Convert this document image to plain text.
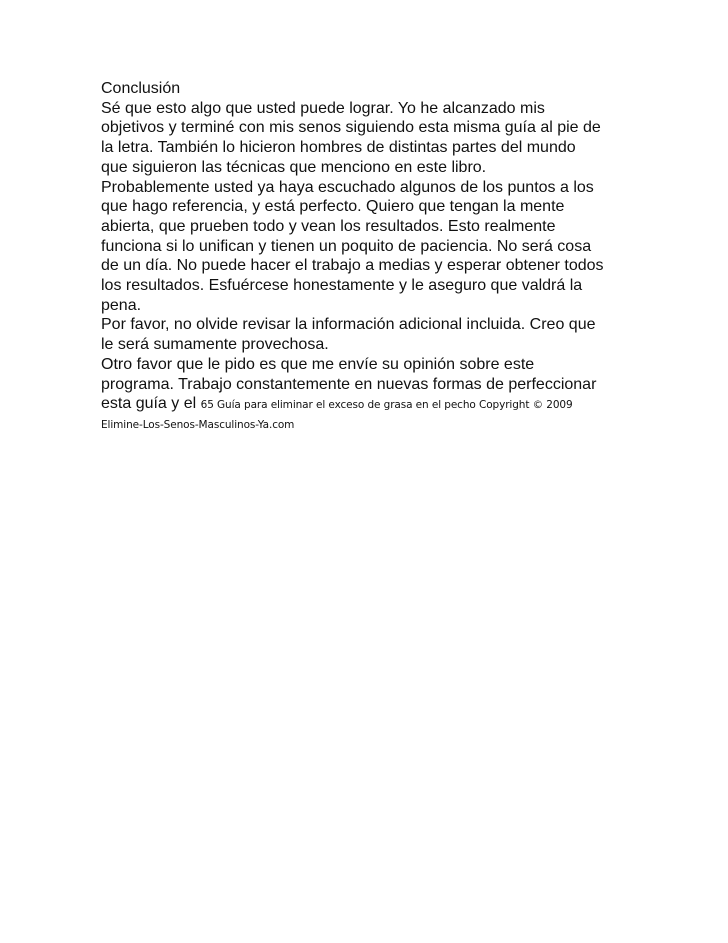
Conclusión

Sé que esto algo que usted puede lograr. Yo he alcanzado mis

objetivos y terminé con mis senos siguiendo esta misma guía al pie de

la letra. También lo hicieron hombres de distintas partes del mundo

que siguieron las técnicas que menciono en este libro.

Probablemente usted ya haya escuchado algunos de los puntos a los

que hago referencia, y está perfecto. Quiero que tengan la mente

abierta, que prueben todo y vean los resultados. Esto realmente

funciona si lo unifican y tienen un poquito de paciencia. No será cosa

de un día. No puede hacer el trabajo a medias y esperar obtener todos

los resultados. Esfuércese honestamente y le aseguro que valdrá la

pena.

Por favor, no olvide revisar la información adicional incluida. Creo que

le será sumamente provechosa.

Otro favor que le pido es que me envíe su opinión sobre este

programa. Trabajo constantemente en nuevas formas de perfeccionar

esta guía y el 65 Guía para eliminar el exceso de grasa en el pecho Copyright © 2009

Elimine-Los-Senos-Masculinos-Ya.com
